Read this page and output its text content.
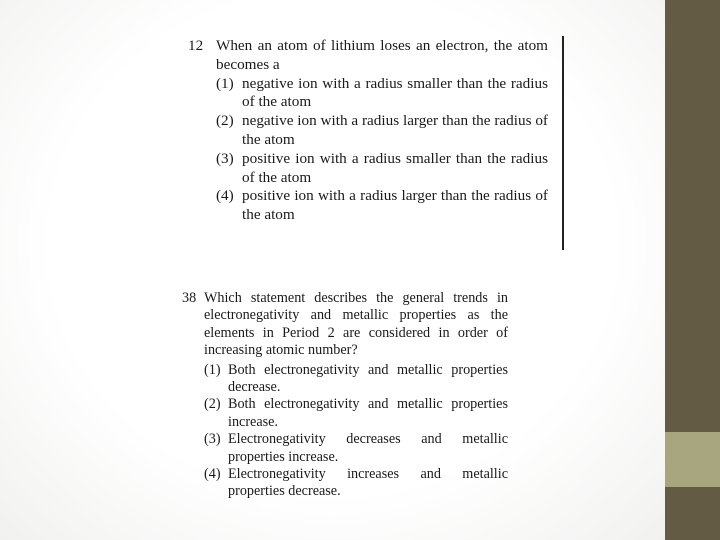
12 When an atom of lithium loses an electron, the atom becomes a
(1) negative ion with a radius smaller than the radius of the atom
(2) negative ion with a radius larger than the radius of the atom
(3) positive ion with a radius smaller than the radius of the atom
(4) positive ion with a radius larger than the radius of the atom
38 Which statement describes the general trends in electronegativity and metallic properties as the elements in Period 2 are considered in order of increasing atomic number?
(1) Both electronegativity and metallic properties decrease.
(2) Both electronegativity and metallic properties increase.
(3) Electronegativity decreases and metallic properties increase.
(4) Electronegativity increases and metallic properties decrease.
